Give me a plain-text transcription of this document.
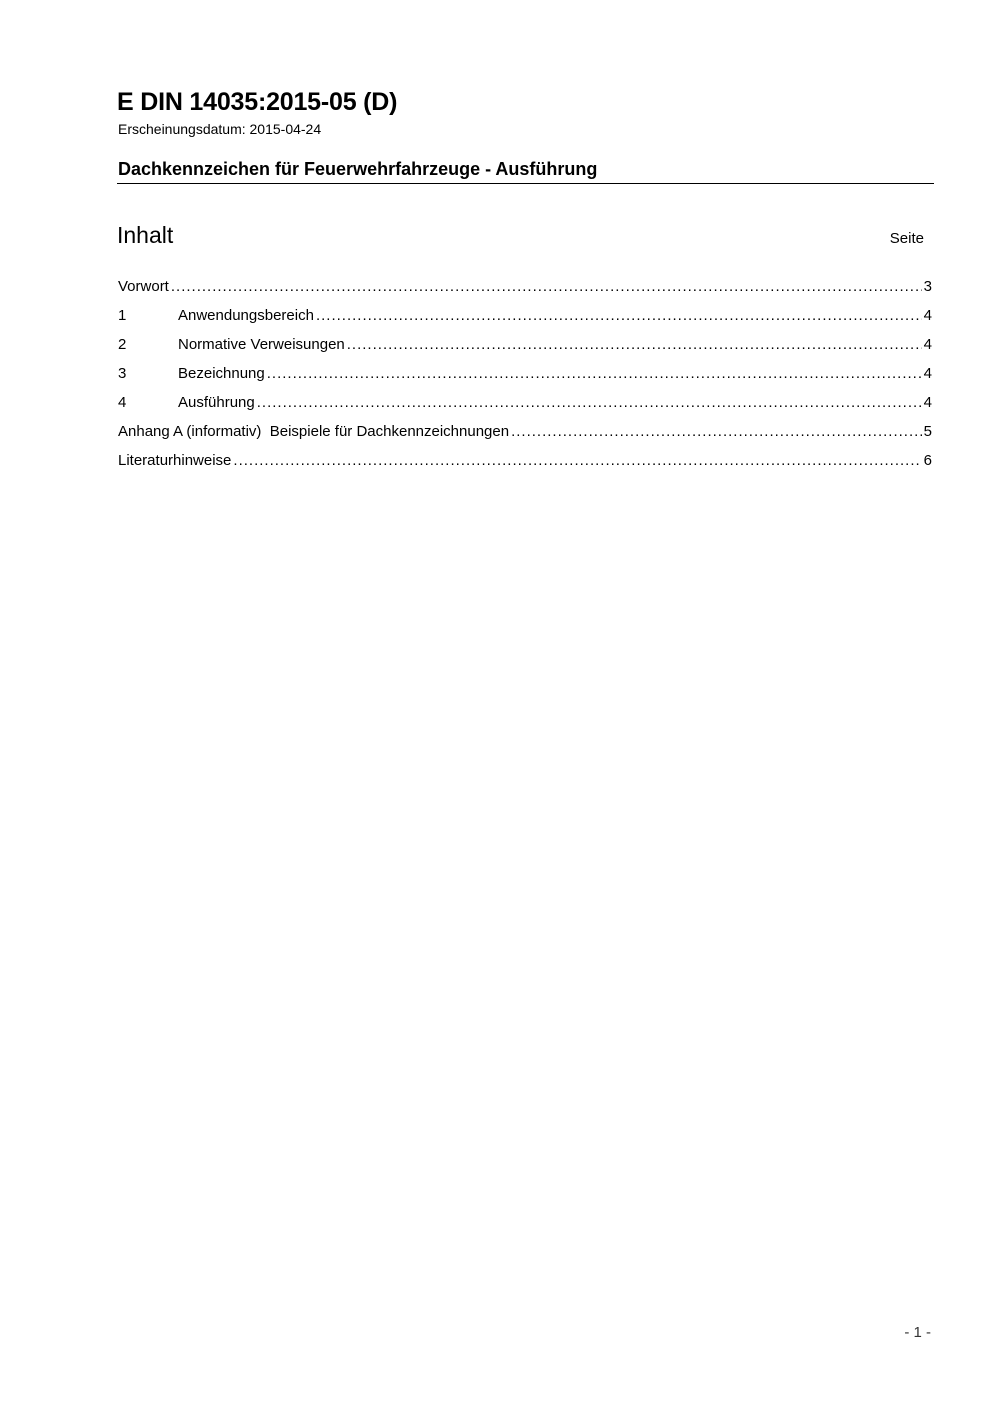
E DIN 14035:2015-05 (D)
Erscheinungsdatum: 2015-04-24
Dachkennzeichen für Feuerwehrfahrzeuge - Ausführung
Inhalt	Seite
Vorwort .....	3
1	Anwendungsbereich .....	4
2	Normative Verweisungen .....	4
3	Bezeichnung .....	4
4	Ausführung .....	4
Anhang A (informativ)  Beispiele für Dachkennzeichnungen .....	5
Literaturhinweise .....	6
- 1 -
